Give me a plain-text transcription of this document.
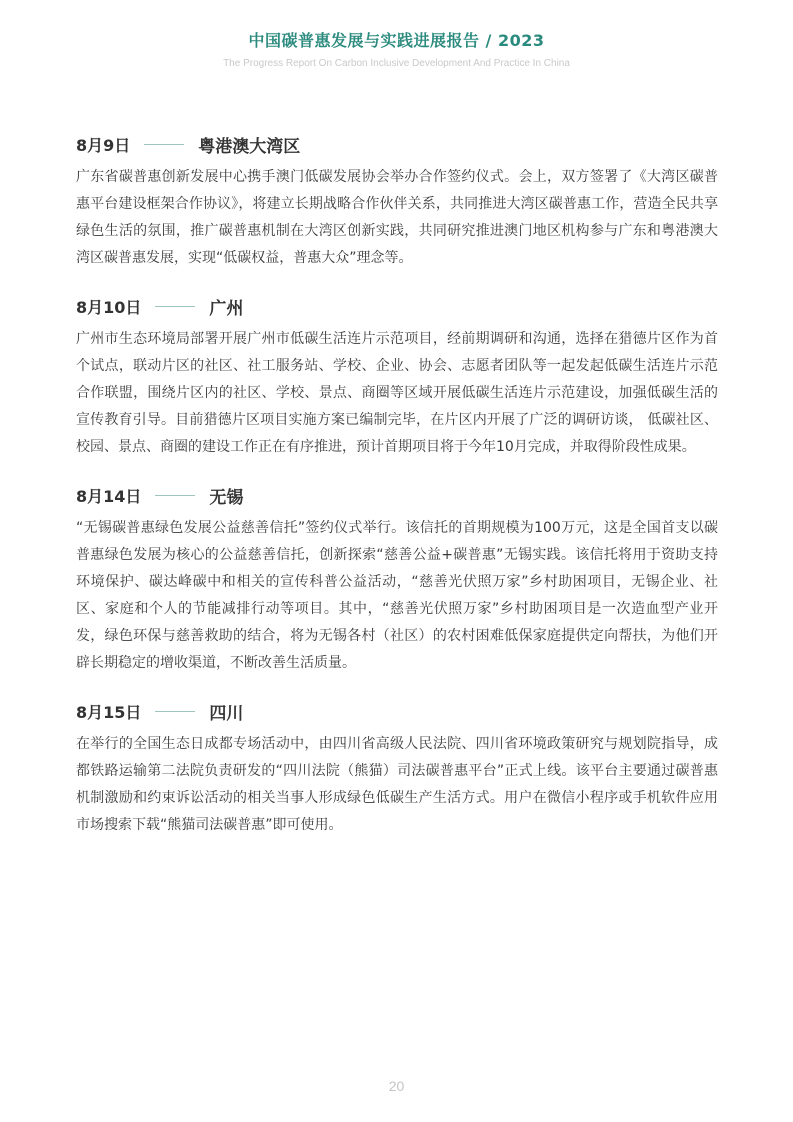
中国碳普惠发展与实践进展报告 / 2023
The Progress Report On Carbon Inclusive Development And Practice In China
8月9日	粤港澳大湾区

广东省碳普惠创新发展中心携手澳门低碳发展协会举办合作签约仪式。会上，双方签署了《大湾区碳普惠平台建设框架合作协议》，将建立长期战略合作伙伴关系，共同推进大湾区碳普惠工作，营造全民共享绿色生活的氛围，推广碳普惠机制在大湾区创新实践，共同研究推进澳门地区机构参与广东和粤港澳大湾区碳普惠发展，实现“低碳权益，普惠大众”理念等。

8月10日	广州

广州市生态环境局部署开展广州市低碳生活连片示范项目，经前期调研和沟通，选择在猎德片区作为首个试点，联动片区的社区、社工服务站、学校、企业、协会、志愿者团队等一起发起低碳生活连片示范合作联盟，围绕片区内的社区、学校、景点、商圈等区域开展低碳生活连片示范建设，加强低碳生活的宣传教育引导。目前猎德片区项目实施方案已编制完毕，在片区内开展了广泛的调研访谈， 低碳社区、校园、景点、商圈的建设工作正在有序推进，预计首期项目将于今年10月完成，并取得阶段性成果。

8月14日	无锡

“无锡碳普惠绿色发展公益慈善信托”签约仪式举行。该信托的首期规模为100万元，这是全国首支以碳普惠绿色发展为核心的公益慈善信托，创新探索“慈善公益+碳普惠”无锡实践。该信托将用于资助支持环境保护、碳达峰碳中和相关的宣传科普公益活动，“慈善光伏照万家”乡村助困项目，无锡企业、社区、家庭和个人的节能减排行动等项目。其中，“慈善光伏照万家”乡村助困项目是一次造血型产业开发，绿色环保与慈善救助的结合，将为无锡各村（社区）的农村困难低保家庭提供定向帮扶，为他们开辟长期稳定的增收渠道，不断改善生活质量。

8月15日	四川

在举行的全国生态日成都专场活动中，由四川省高级人民法院、四川省环境政策研究与规划院指导，成都铁路运输第二法院负责研发的“四川法院（熊猫）司法碳普惠平台”正式上线。该平台主要通过碳普惠机制激励和约束诉讼活动的相关当事人形成绿色低碳生产生活方式。用户在微信小程序或手机软件应用市场搜索下载“熊猫司法碳普惠”即可使用。

20
